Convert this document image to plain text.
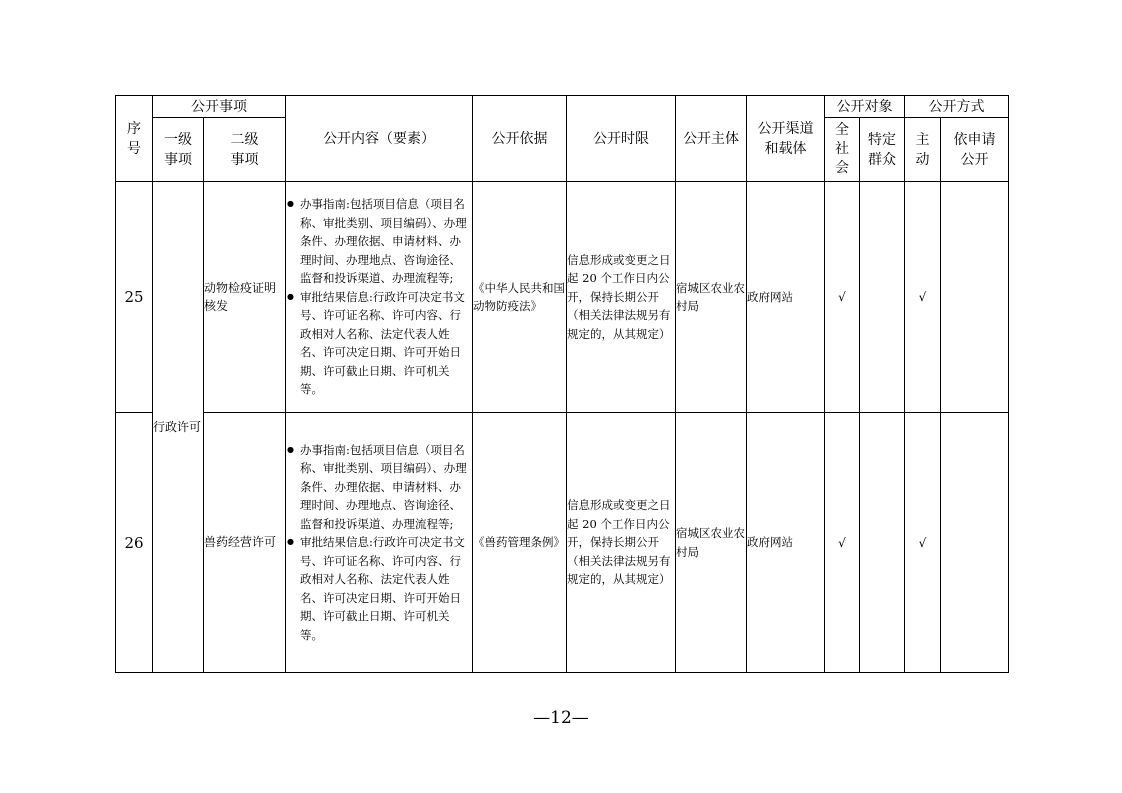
序号	公开事项		公开内容（要素）	公开依据	公开时限	公开主体	公开渠道和载体	公开对象		公开方式	
	一级事项	二级事项						全社会	特定群众	主动	依申请公开
25	行政许可	动物检疫证明核发	● 办事指南:包括项目信息（项目名称、审批类别、项目编码）、办理条件、办理依据、申请材料、办理时间、办理地点、咨询途径、监督和投诉渠道、办理流程等;
● 审批结果信息:行政许可决定书文号、许可证名称、许可内容、行政相对人名称、法定代表人姓名、许可决定日期、许可开始日期、许可截止日期、许可机关等。	《中华人民共和国动物防疫法》	信息形成或变更之日起 20 个工作日内公开，保持长期公开（相关法律法规另有规定的，从其规定）	宿城区农业农村局	政府网站	√		√	
26		兽药经营许可	● 办事指南:包括项目信息（项目名称、审批类别、项目编码）、办理条件、办理依据、申请材料、办理时间、办理地点、咨询途径、监督和投诉渠道、办理流程等;
● 审批结果信息:行政许可决定书文号、许可证名称、许可内容、行政相对人名称、法定代表人姓名、许可决定日期、许可开始日期、许可截止日期、许可机关等。	《兽药管理条例》	信息形成或变更之日起 20 个工作日内公开，保持长期公开（相关法律法规另有规定的，从其规定）	宿城区农业农村局	政府网站	√		√	
—12—
